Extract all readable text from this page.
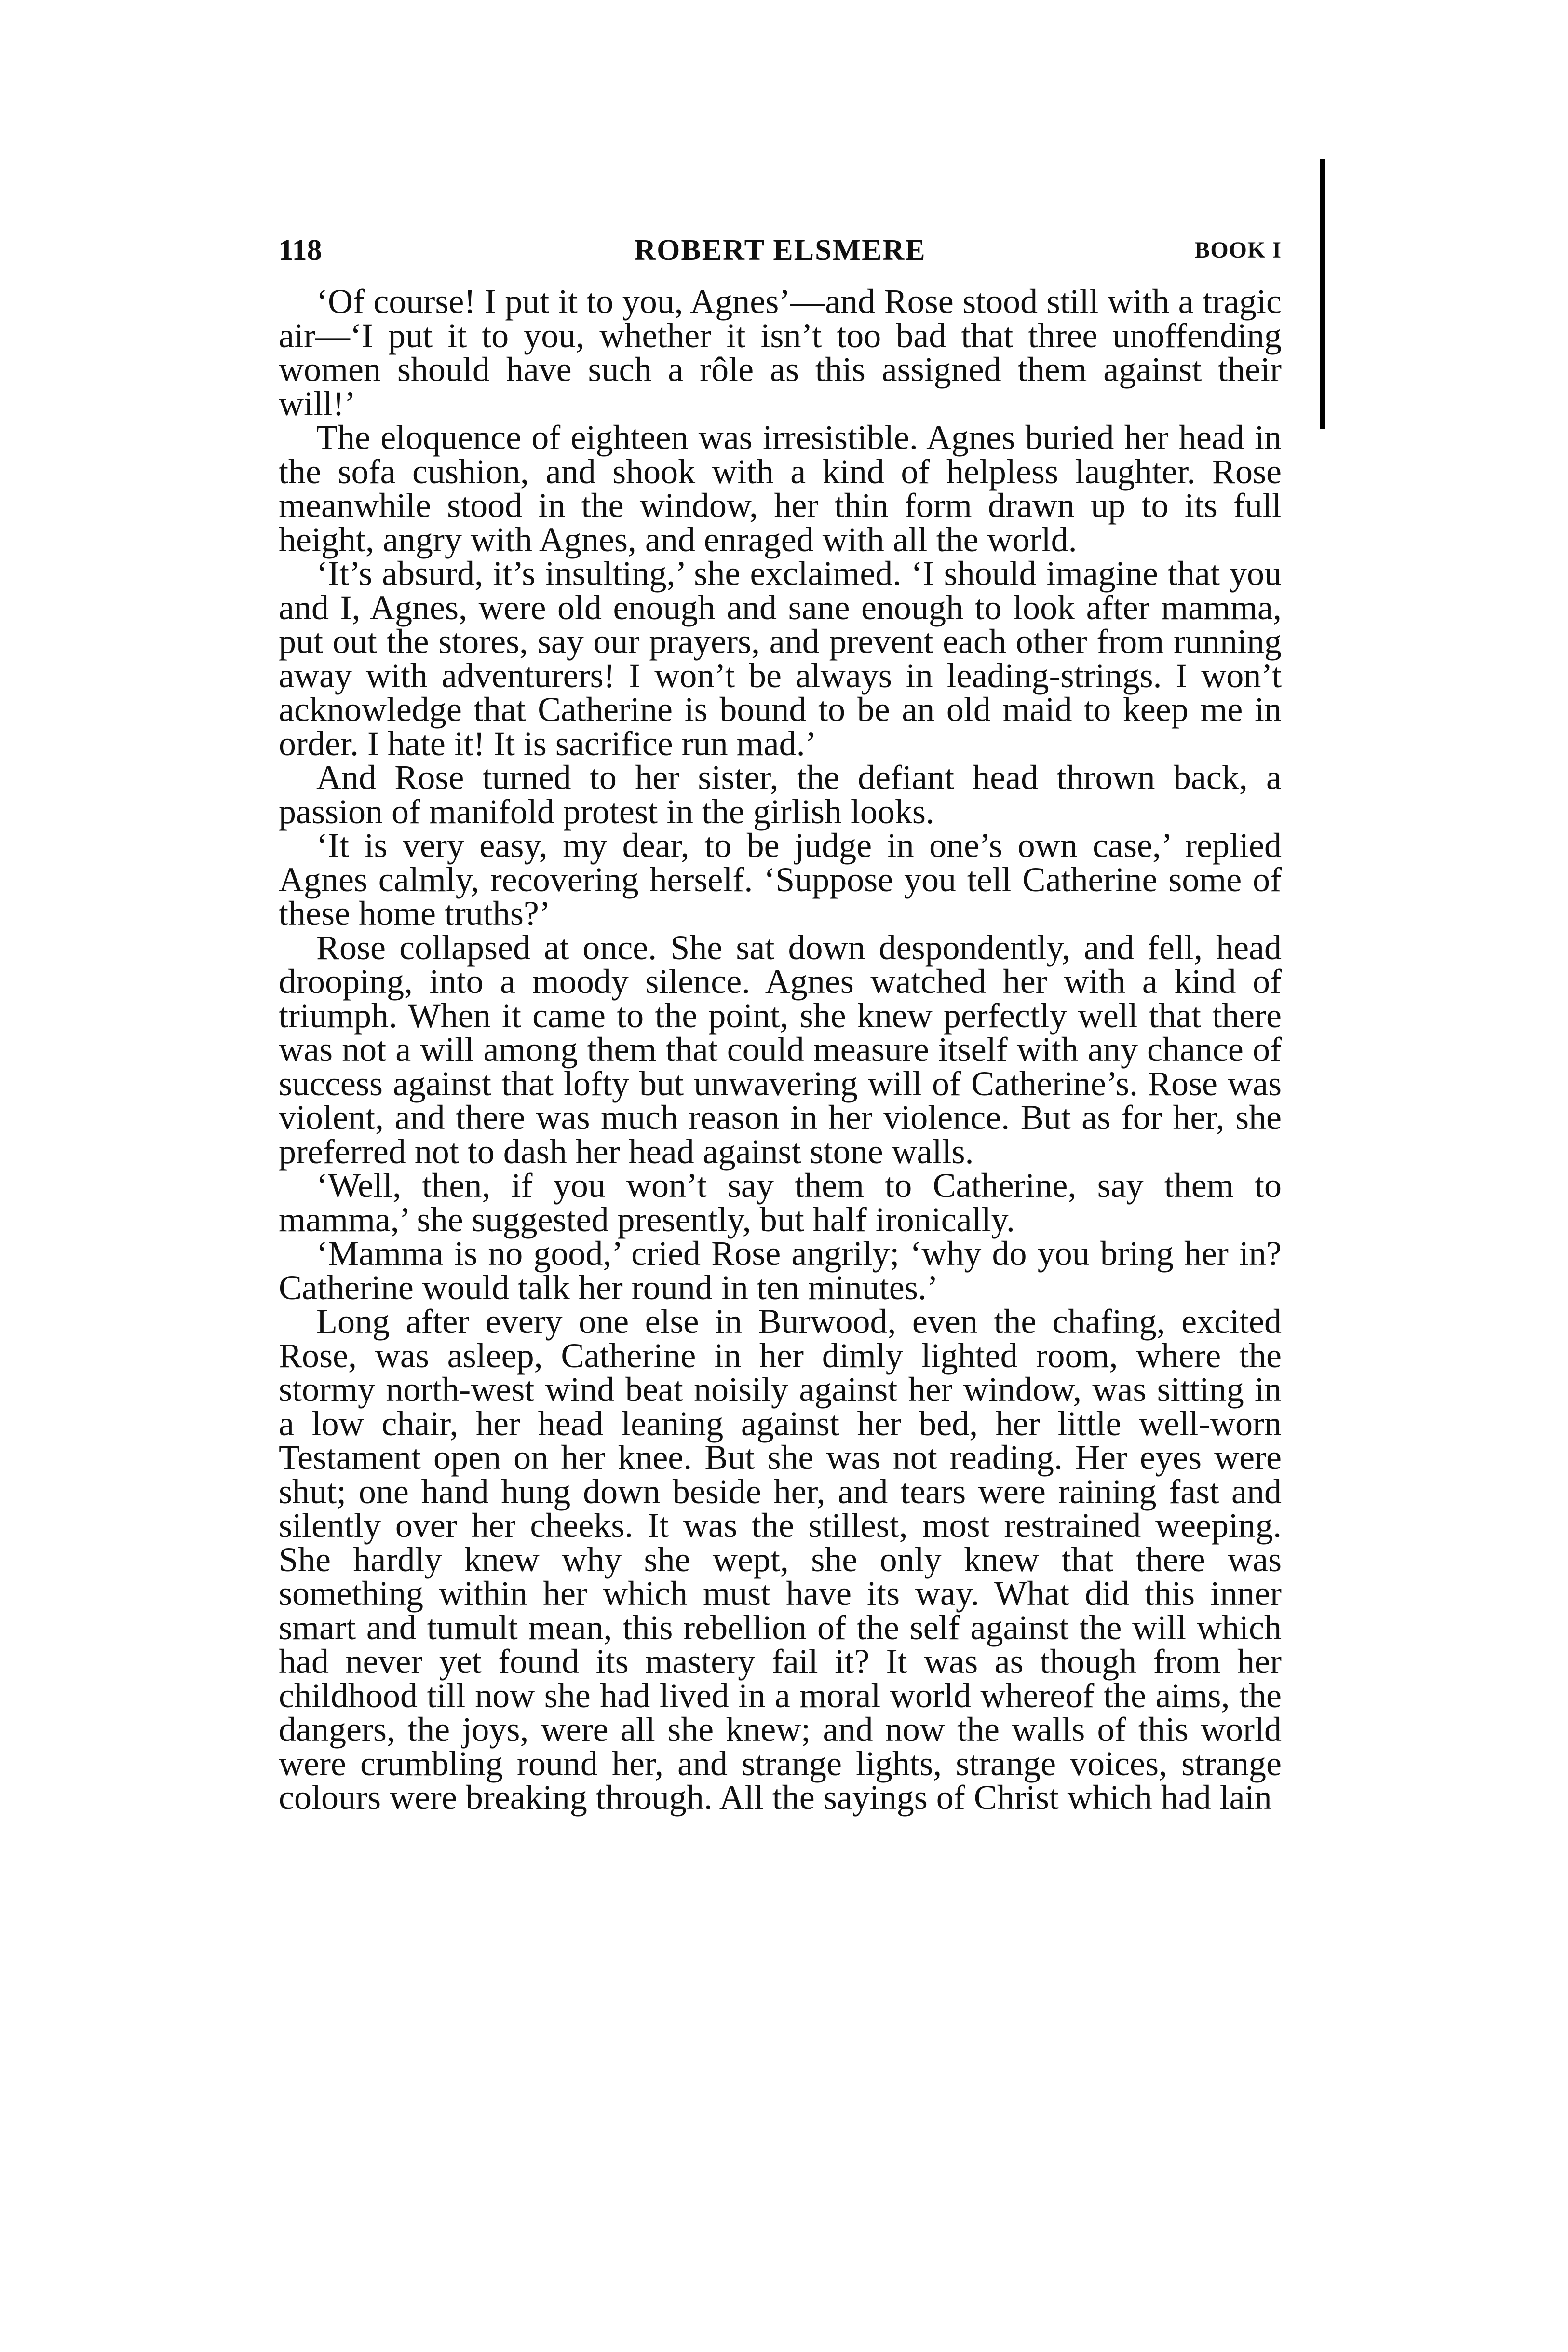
118	ROBERT ELSMERE	BOOK I

‘Of course! I put it to you, Agnes’—and Rose stood still with a tragic air—‘I put it to you, whether it isn’t too bad that three unoffending women should have such a rôle as this assigned them against their will!’

The eloquence of eighteen was irresistible. Agnes buried her head in the sofa cushion, and shook with a kind of helpless laughter. Rose meanwhile stood in the window, her thin form drawn up to its full height, angry with Agnes, and enraged with all the world.

‘It’s absurd, it’s insulting,’ she exclaimed. ‘I should imagine that you and I, Agnes, were old enough and sane enough to look after mamma, put out the stores, say our prayers, and prevent each other from running away with adventurers! I won’t be always in leading-strings. I won’t acknowledge that Catherine is bound to be an old maid to keep me in order. I hate it! It is sacrifice run mad.’

And Rose turned to her sister, the defiant head thrown back, a passion of manifold protest in the girlish looks.

‘It is very easy, my dear, to be judge in one’s own case,’ replied Agnes calmly, recovering herself. ‘Suppose you tell Catherine some of these home truths?’

Rose collapsed at once. She sat down despondently, and fell, head drooping, into a moody silence. Agnes watched her with a kind of triumph. When it came to the point, she knew perfectly well that there was not a will among them that could measure itself with any chance of success against that lofty but unwavering will of Catherine’s. Rose was violent, and there was much reason in her violence. But as for her, she preferred not to dash her head against stone walls.

‘Well, then, if you won’t say them to Catherine, say them to mamma,’ she suggested presently, but half ironically.

‘Mamma is no good,’ cried Rose angrily; ‘why do you bring her in? Catherine would talk her round in ten minutes.’

Long after every one else in Burwood, even the chafing, excited Rose, was asleep, Catherine in her dimly lighted room, where the stormy north-west wind beat noisily against her window, was sitting in a low chair, her head leaning against her bed, her little well-worn Testament open on her knee. But she was not reading. Her eyes were shut; one hand hung down beside her, and tears were raining fast and silently over her cheeks. It was the stillest, most restrained weeping. She hardly knew why she wept, she only knew that there was something within her which must have its way. What did this inner smart and tumult mean, this rebellion of the self against the will which had never yet found its mastery fail it? It was as though from her childhood till now she had lived in a moral world whereof the aims, the dangers, the joys, were all she knew; and now the walls of this world were crumbling round her, and strange lights, strange voices, strange colours were breaking through. All the sayings of Christ which had lain
